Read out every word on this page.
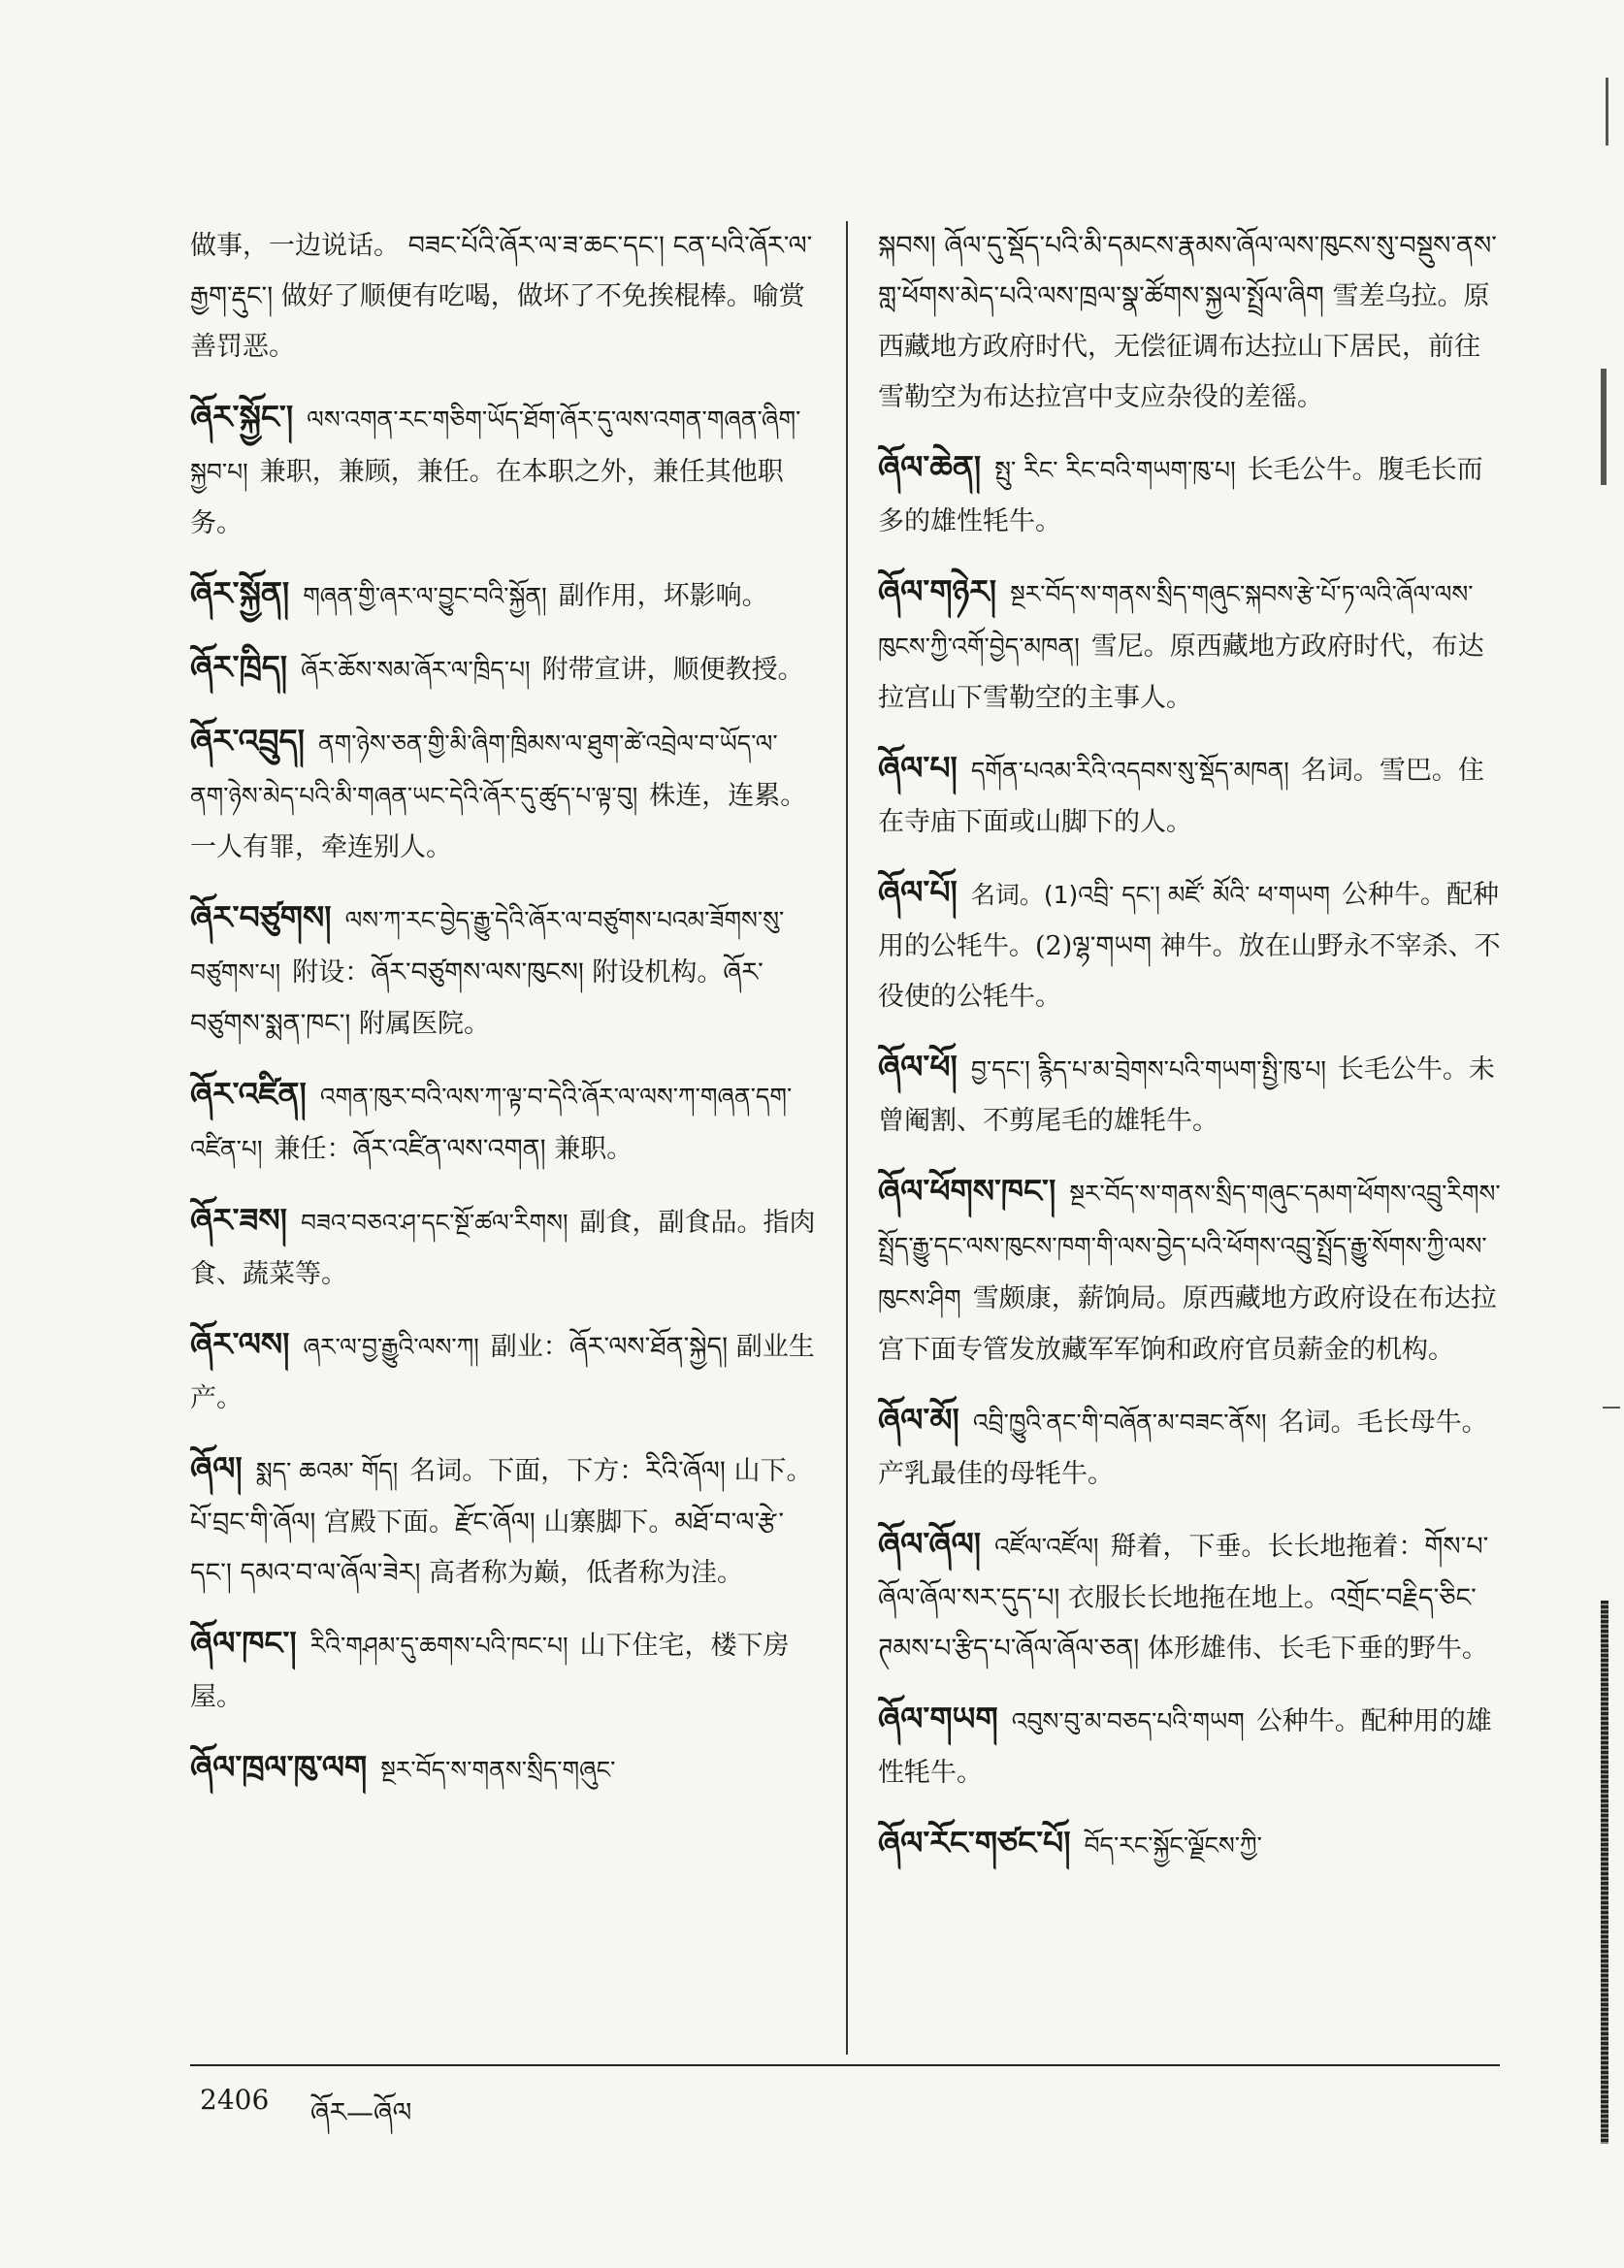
做事，一边说话。 བཟང་པོའི་ཞོར་ལ་ཟ་ཆང་དང་། ངན་པའི་ཞོར་ལ་རྒྱག་རྡུང་། 做好了顺便有吃喝，做坏了不免挨棍棒。喻赏善罚恶。

ཞོར་སྐྱོང་། ལས་འགན་རང་གཅིག་ཡོད་ཐོག་ཞོར་དུ་ལས་འགན་གཞན་ཞིག་སྐྱབ་པ། 兼职，兼顾，兼任。在本职之外，兼任其他职务。

ཞོར་སྐྱོན། གཞན་གྱི་ཞར་ལ་བྱུང་བའི་སྐྱོན། 副作用，坏影响。

ཞོར་ཁྲིད། ཞོར་ཆོས་སམ་ཞོར་ལ་ཁྲིད་པ། 附带宣讲，顺便教授。

ཞོར་འབྲུད། ནག་ཉེས་ཅན་གྱི་མི་ཞིག་ཁྲིམས་ལ་ཐུག་ཚེ་འབྲེལ་བ་ཡོད་ལ་ནག་ཉེས་མེད་པའི་མི་གཞན་ཡང་དེའི་ཞོར་དུ་ཚུད་པ་ལྟ་བུ། 株连，连累。一人有罪，牵连别人。

ཞོར་བཙུགས། ལས་ཀ་རང་བྱེད་རྒྱུ་དེའི་ཞོར་ལ་བཙུགས་པའམ་ཟོགས་སུ་བཙུགས་པ། 附设：ཞོར་བཙུགས་ལས་ཁུངས། 附设机构。ཞོར་བཙུགས་སྨན་ཁང་། 附属医院。

ཞོར་འཛིན། འགན་ཁུར་བའི་ལས་ཀ་ལྟ་བ་དེའི་ཞོར་ལ་ལས་ཀ་གཞན་དག་འཛིན་པ། 兼任：ཞོར་འཛིན་ལས་འགན། 兼职。

ཞོར་ཟས། བཟའ་བཅའ་ཤ་དང་སྔོ་ཚལ་རིགས། 副食，副食品。指肉食、蔬菜等。

ཞོར་ལས། ཞར་ལ་བྱ་རྒྱུའི་ལས་ཀ། 副业：ཞོར་ལས་ཐོན་སྐྱེད། 副业生产。

ཞོལ། སྨད་ ཆའམ་ གོད། 名词。下面，下方：རིའི་ཞོལ། 山下。པོ་བྲང་གི་ཞོལ། 宫殿下面。རྫོང་ཞོལ། 山寨脚下。མཐོ་བ་ལ་རྩེ་དང་། དམའ་བ་ལ་ཞོལ་ཟེར། 高者称为巅，低者称为洼。

ཞོལ་ཁང་། རིའི་གཤམ་དུ་ཆགས་པའི་ཁང་པ། 山下住宅，楼下房屋。

ཞོལ་ཁྲལ་ཁུ་ལག སྔར་བོད་ས་གནས་སྲིད་གཞུང་

སྐབས། ཞོལ་དུ་སྡོད་པའི་མི་དམངས་རྣམས་ཞོལ་ལས་ཁུངས་སུ་བསྡུས་ནས་གླ་ཕོགས་མེད་པའི་ལས་ཁྲལ་སྣ་ཚོགས་སྐྱལ་སྤྲོལ་ཞིག 雪差乌拉。原西藏地方政府时代，无偿征调布达拉山下居民，前往雪勒空为布达拉宫中支应杂役的差徭。

ཞོལ་ཆེན། སྤུ་ རིང་ རིང་བའི་གཡག་ཁུ་པ། 长毛公牛。腹毛长而多的雄性牦牛。

ཞོལ་གཉེར། སྔར་བོད་ས་གནས་སྲིད་གཞུང་སྐབས་རྩེ་པོ་ཏ་ལའི་ཞོལ་ལས་ཁུངས་ཀྱི་འགོ་བྱེད་མཁན། 雪尼。原西藏地方政府时代，布达拉宫山下雪勒空的主事人。

ཞོལ་པ། དགོན་པའམ་རིའི་འདབས་སུ་སྡོད་མཁན། 名词。雪巴。住在寺庙下面或山脚下的人。

ཞོལ་པོ། 名词。(1)འབྲི་ དང་། མཛོ་ མོའི་ ཕ་གཡག 公种牛。配种用的公牦牛。(2)ལྷ་གཡག 神牛。放在山野永不宰杀、不役使的公牦牛。

ཞོལ་ཕོ། བྱ་དང་། རྙིད་པ་མ་བྲེགས་པའི་གཡག་སྤྱི་ཁུ་པ། 长毛公牛。未曾阉割、不剪尾毛的雄牦牛。

ཞོལ་ཕོགས་ཁང་། སྔར་བོད་ས་གནས་སྲིད་གཞུང་དམག་ཕོགས་འབྲུ་རིགས་སྤྲོད་རྒྱུ་དང་ལས་ཁུངས་ཁག་གི་ལས་བྱེད་པའི་ཕོགས་འབྲུ་སྤྲོད་རྒྱུ་སོགས་ཀྱི་ལས་ཁུངས་ཤིག 雪颇康，薪饷局。原西藏地方政府设在布达拉宫下面专管发放藏军军饷和政府官员薪金的机构。

ཞོལ་མོ། འབྲི་ཁྱུའི་ནང་གི་བཞོན་མ་བཟང་ནོས། 名词。毛长母牛。产乳最佳的母牦牛。

ཞོལ་ཞོལ། འཛོལ་འཛོལ། 搿着，下垂。长长地拖着：གོས་པ་ཞོལ་ཞོལ་སར་དུད་པ། 衣服长长地拖在地上。འགྲོང་བརྗིད་ཅིང་ཊམས་པ་རྩིད་པ་ཞོལ་ཞོལ་ཅན། 体形雄伟、长毛下垂的野牛。

ཞོལ་གཡག འབུས་བུ་མ་བཅད་པའི་གཡག 公种牛。配种用的雄性牦牛。

ཞོལ་རོང་གཙང་པོ། བོད་རང་སྐྱོང་ལྗོངས་ཀྱི་

2406 ཞོར—ཞོལ
